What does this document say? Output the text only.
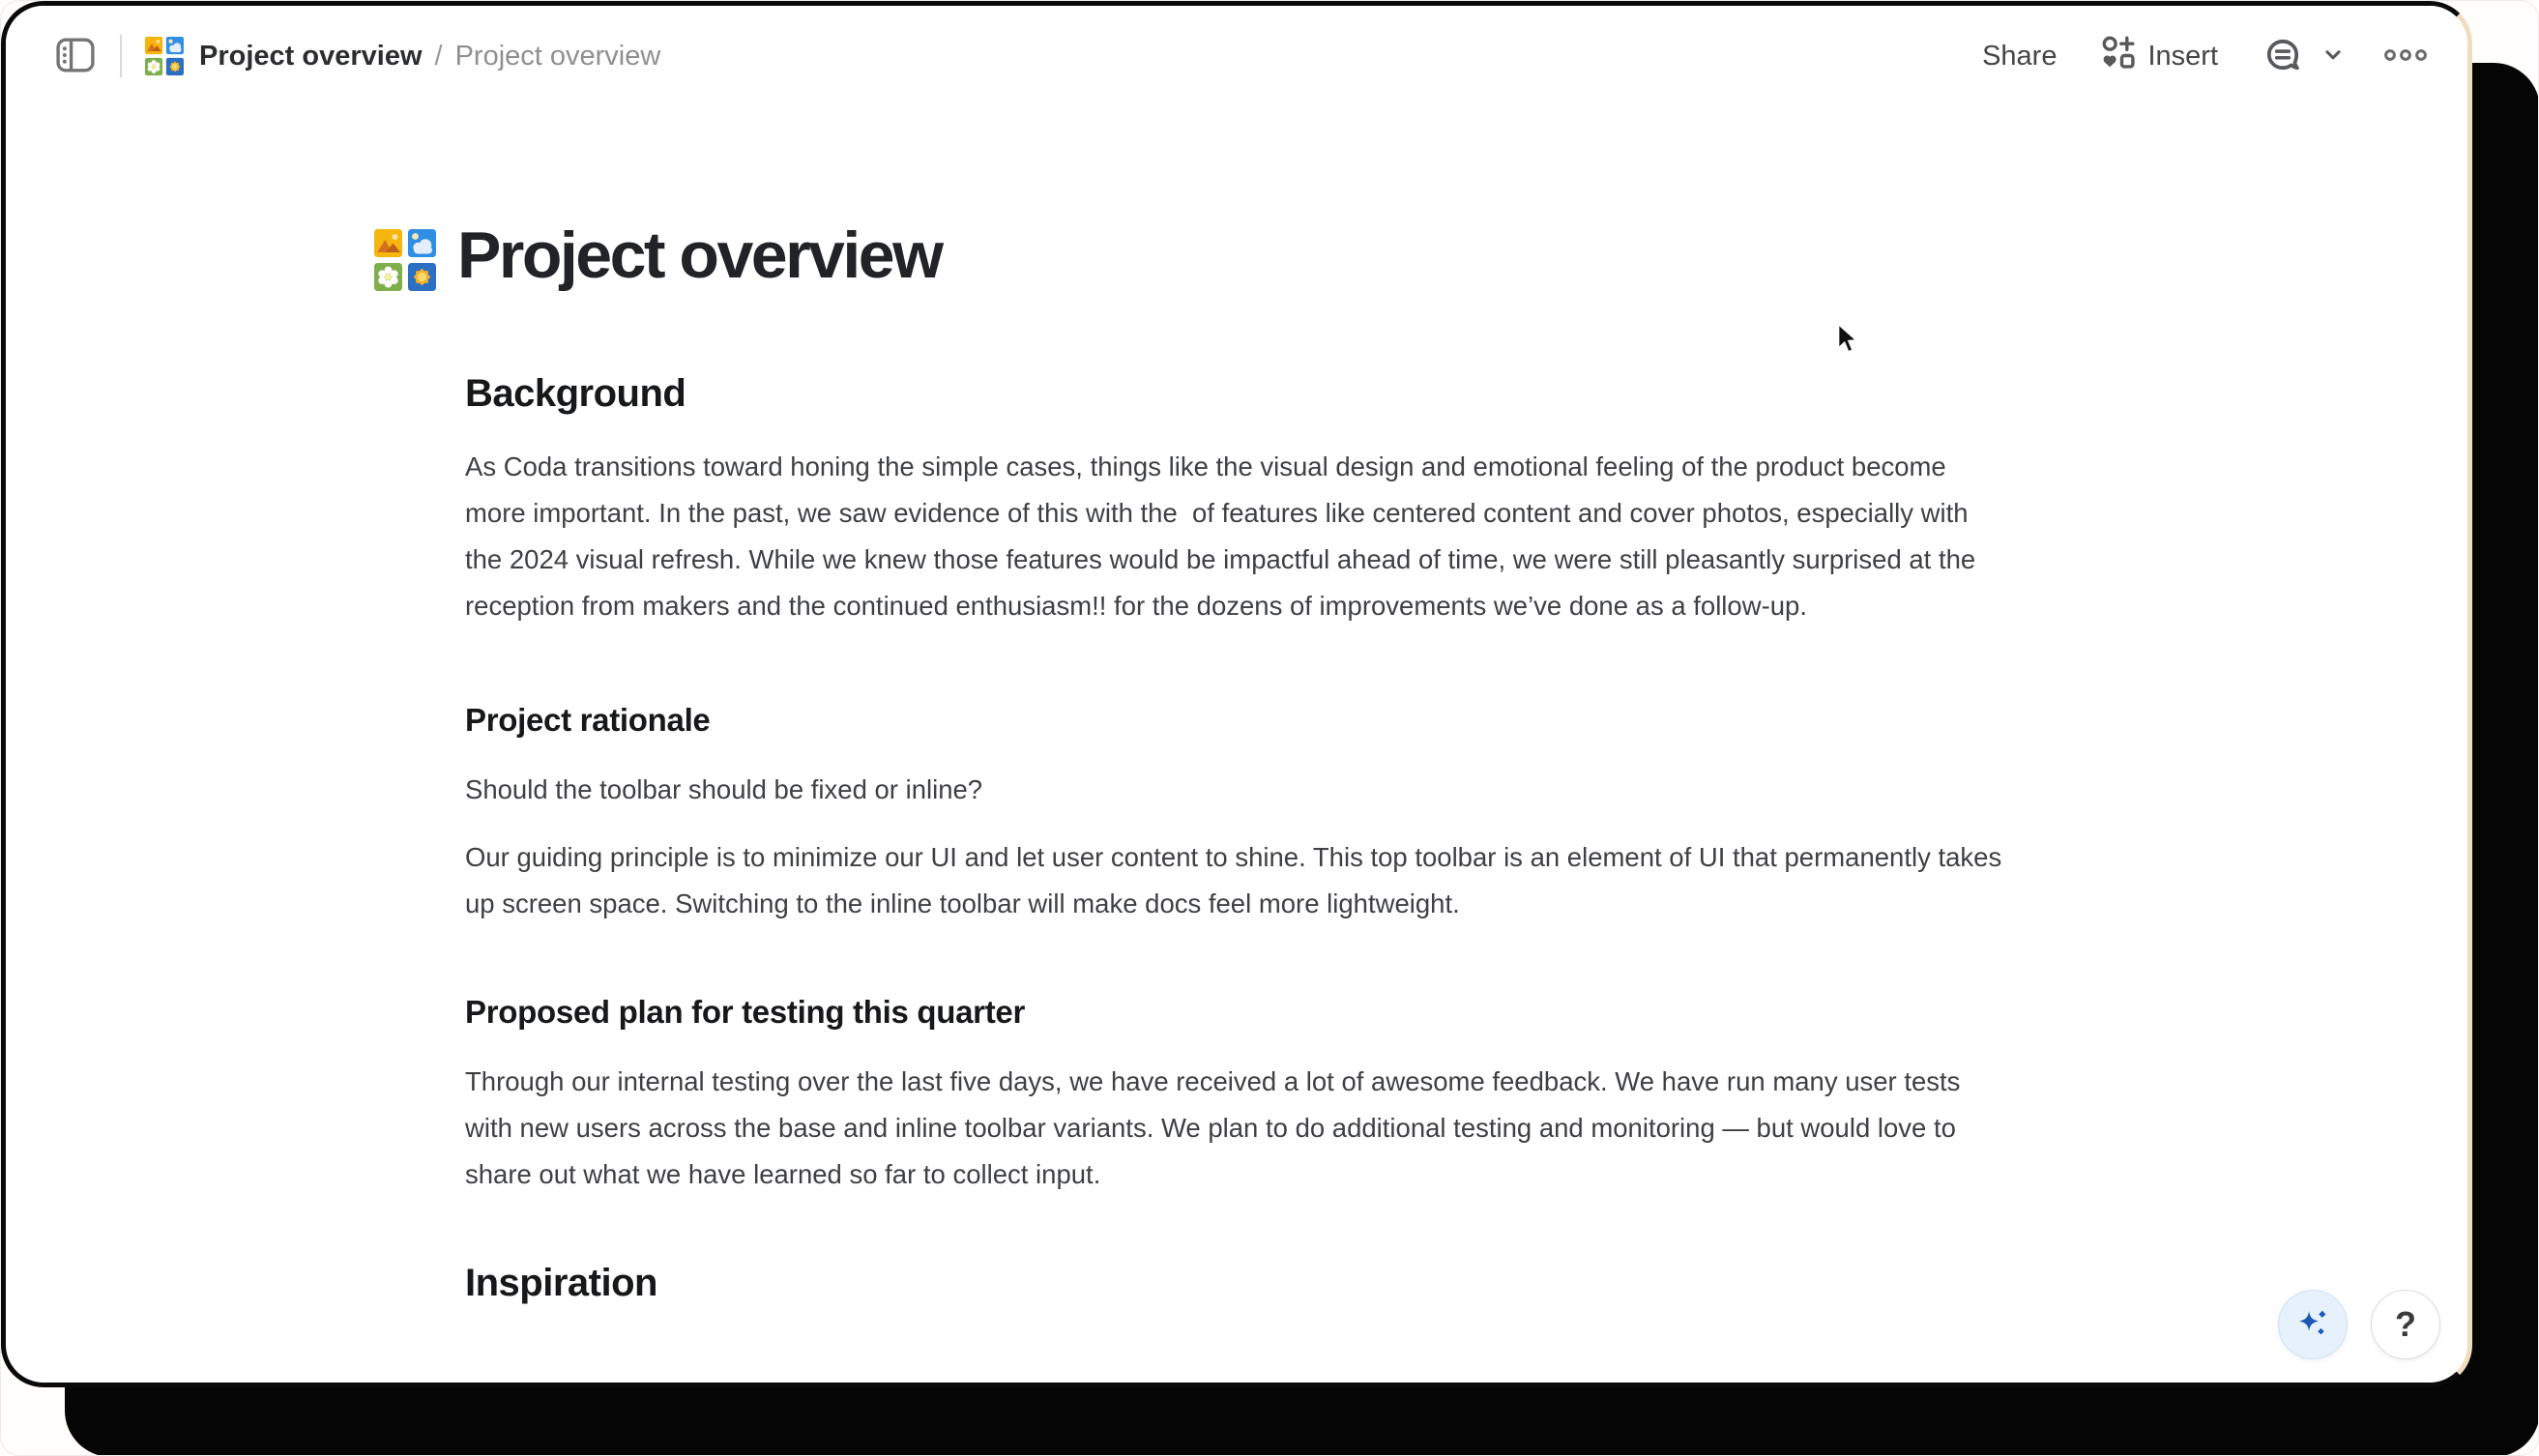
Project overview / Project overview	Share	Insert
Project overview
Background

As Coda transitions toward honing the simple cases, things like the visual design and emotional feeling of the product become more important. In the past, we saw evidence of this with the  of features like centered content and cover photos, especially with the 2024 visual refresh. While we knew those features would be impactful ahead of time, we were still pleasantly surprised at the reception from makers and the continued enthusiasm!! for the dozens of improvements we’ve done as a follow-up.

Project rationale

Should the toolbar should be fixed or inline?

Our guiding principle is to minimize our UI and let user content to shine. This top toolbar is an element of UI that permanently takes up screen space. Switching to the inline toolbar will make docs feel more lightweight.

Proposed plan for testing this quarter

Through our internal testing over the last five days, we have received a lot of awesome feedback. We have run many user tests with new users across the base and inline toolbar variants. We plan to do additional testing and monitoring — but would love to share out what we have learned so far to collect input.

Inspiration
?
